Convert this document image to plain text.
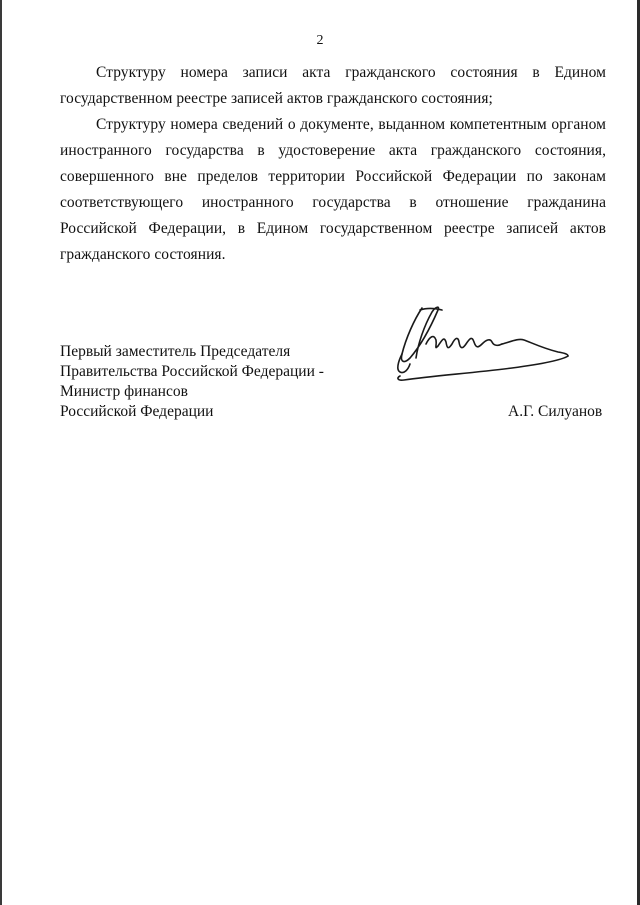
2

Структуру номера записи акта гражданского состояния в Едином государственном реестре записей актов гражданского состояния;

Структуру номера сведений о документе, выданном компетентным органом иностранного государства в удостоверение акта гражданского состояния, совершенного вне пределов территории Российской Федерации по законам соответствующего иностранного государства в отношение гражданина Российской Федерации, в Едином государственном реестре записей актов гражданского состояния.

Первый заместитель Председателя
Правительства Российской Федерации -
Министр финансов
Российской Федерации	А.Г. Силуанов
